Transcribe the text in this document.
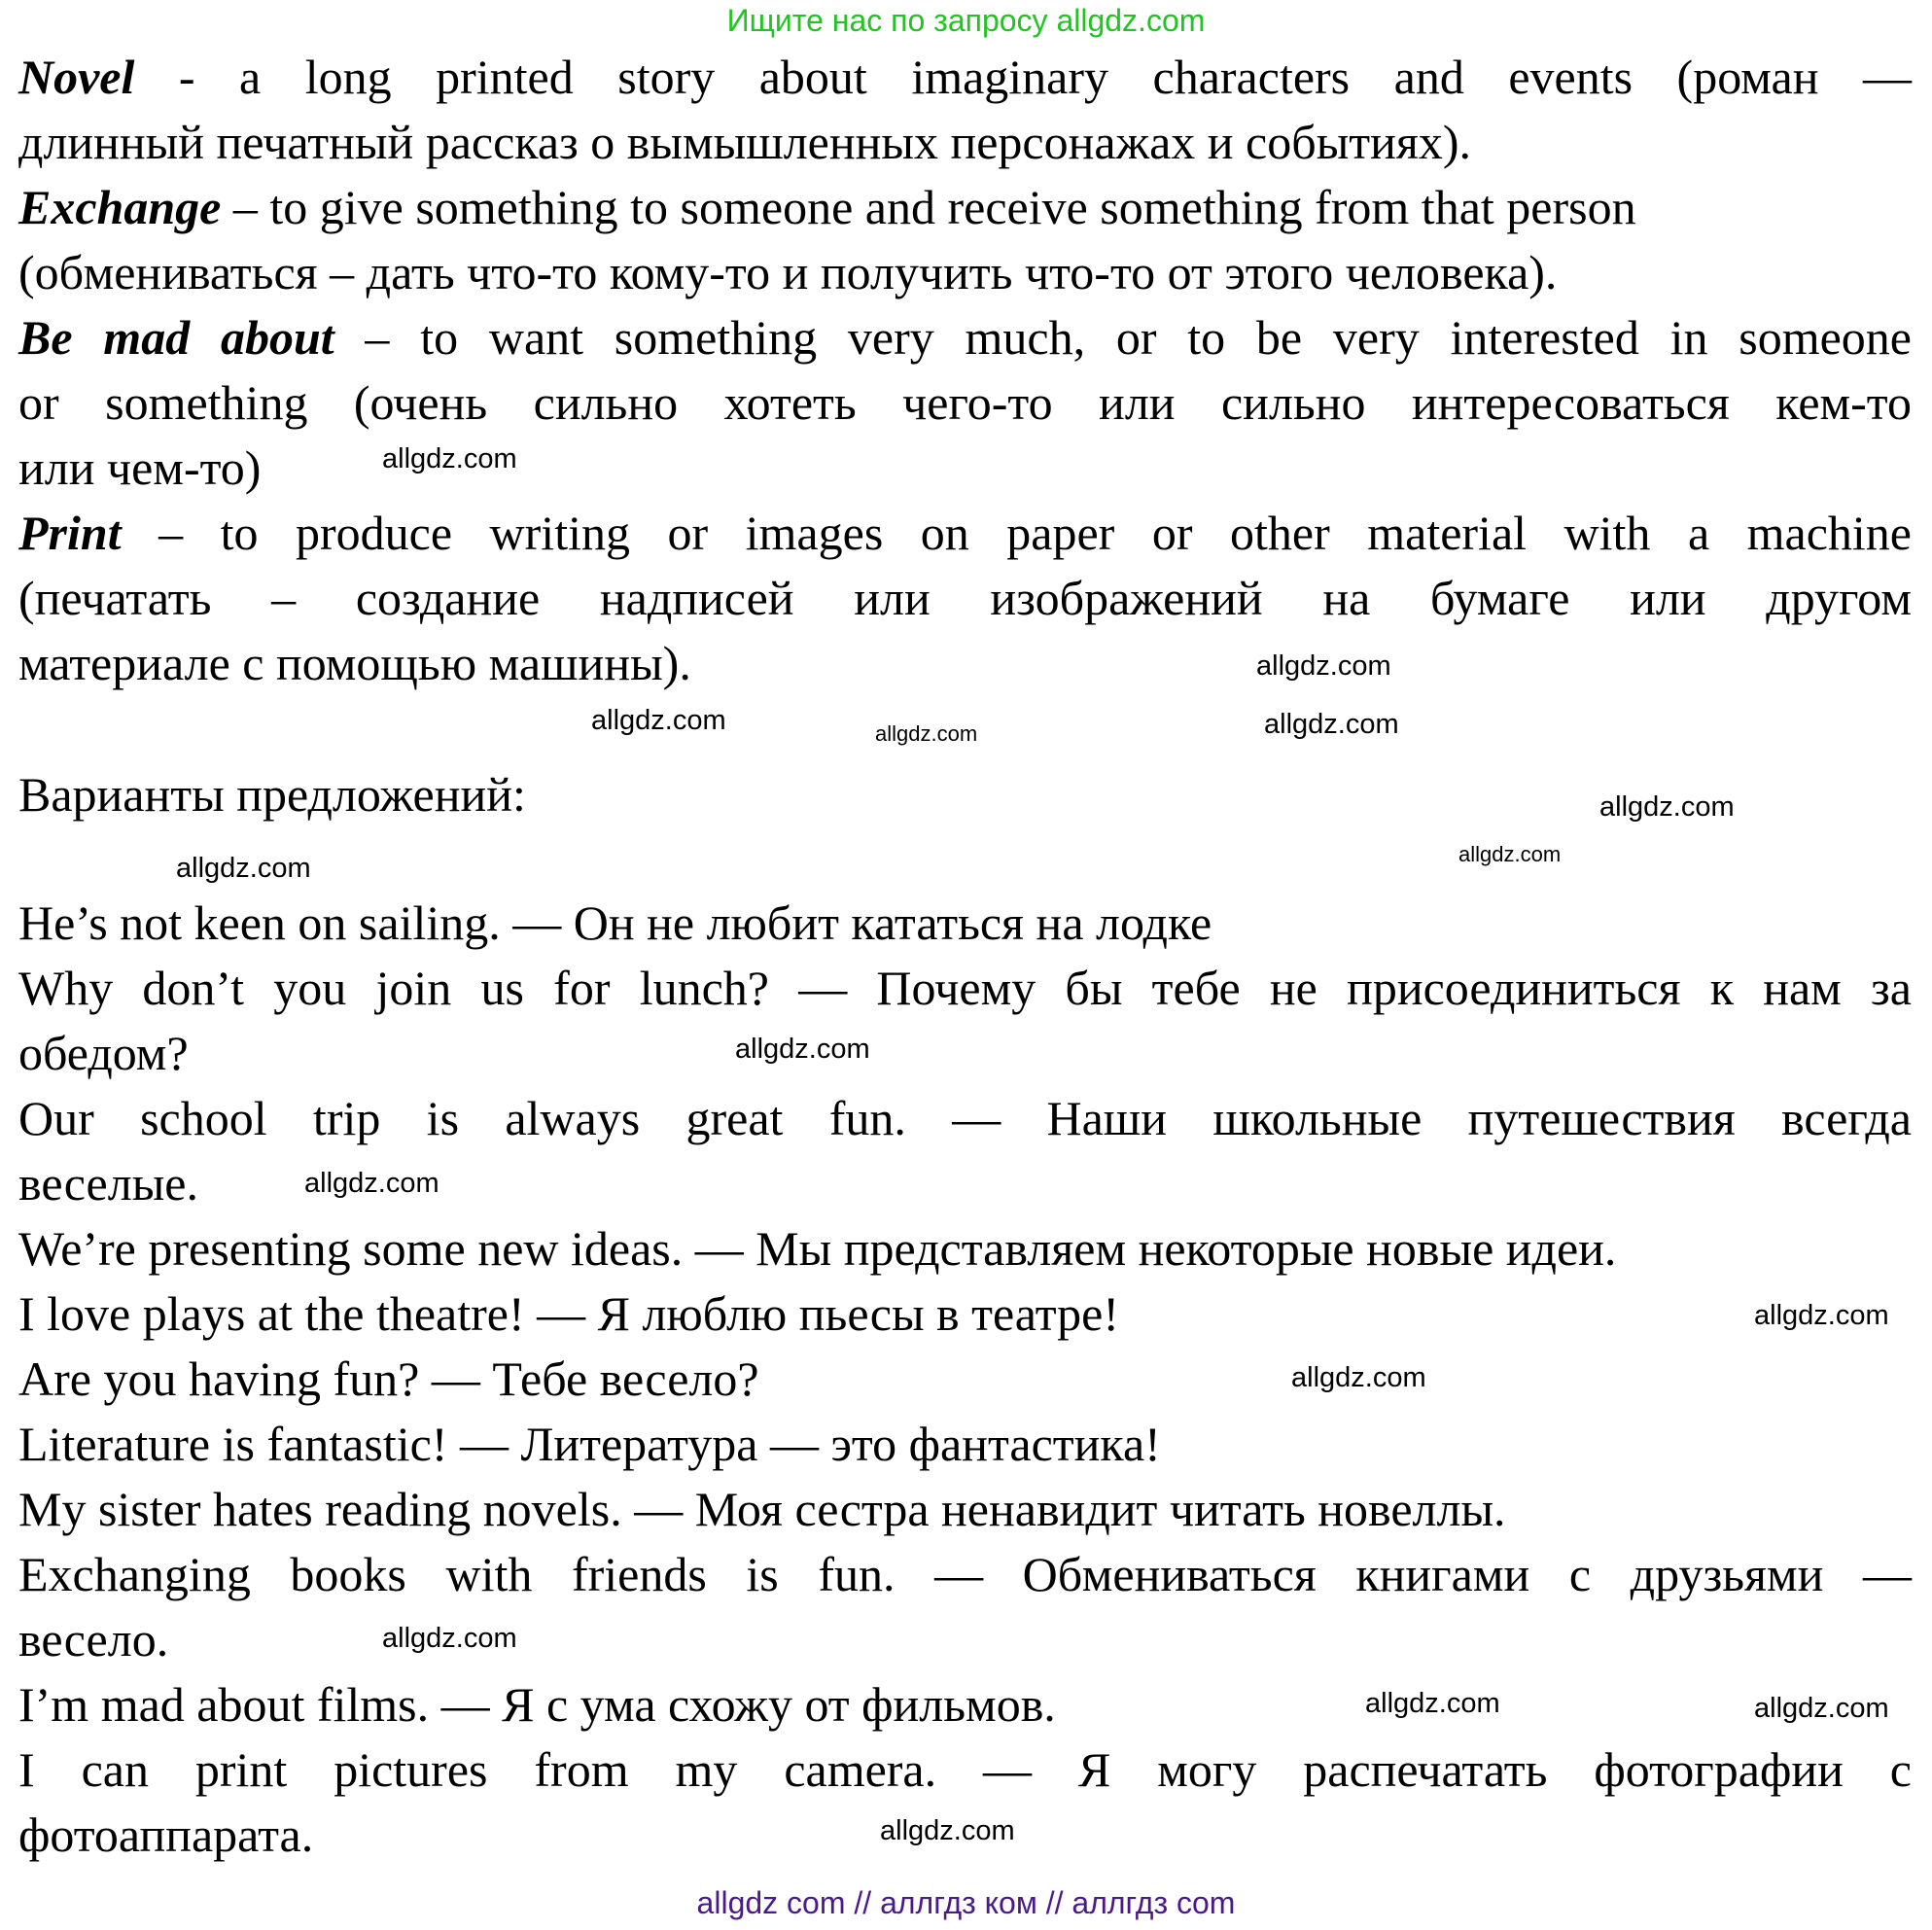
Ищите нас по запросу allgdz.com
Novel - a long printed story about imaginary characters and events (роман —
длинный печатный рассказ о вымышленных персонажах и событиях).
Exchange – to give something to someone and receive something from that person
(обмениваться – дать что-то кому-то и получить что-то от этого человека).
Be mad about – to want something very much, or to be very interested in someone
or something (очень сильно хотеть чего-то или сильно интересоваться кем-то
или чем-то)
Print – to produce writing or images on paper or other material with a machine
(печатать – создание надписей или изображений на бумаге или другом
материале с помощью машины).
Варианты предложений:
He’s not keen on sailing. — Он не любит кататься на лодке
Why don’t you join us for lunch? — Почему бы тебе не присоединиться к нам за
обедом?
Our school trip is always great fun. — Наши школьные путешествия всегда
веселые.
We’re presenting some new ideas. — Мы представляем некоторые новые идеи.
I love plays at the theatre! — Я люблю пьесы в театре!
Are you having fun? — Тебе весело?
Literature is fantastic! — Литература — это фантастика!
My sister hates reading novels. — Моя сестра ненавидит читать новеллы.
Exchanging books with friends is fun. — Обмениваться книгами с друзьями —
весело.
I’m mad about films. — Я с ума схожу от фильмов.
I can print pictures from my camera. — Я могу распечатать фотографии с
фотоаппарата.
allgdz.com
allgdz.com
allgdz.com
allgdz.com
allgdz.com
allgdz.com
allgdz.com
allgdz.com
allgdz.com
allgdz.com
allgdz.com
allgdz.com
allgdz.com
allgdz.com	allgdz.com
allgdz.com
allgdz com // аллгдз ком // аллгдз com
